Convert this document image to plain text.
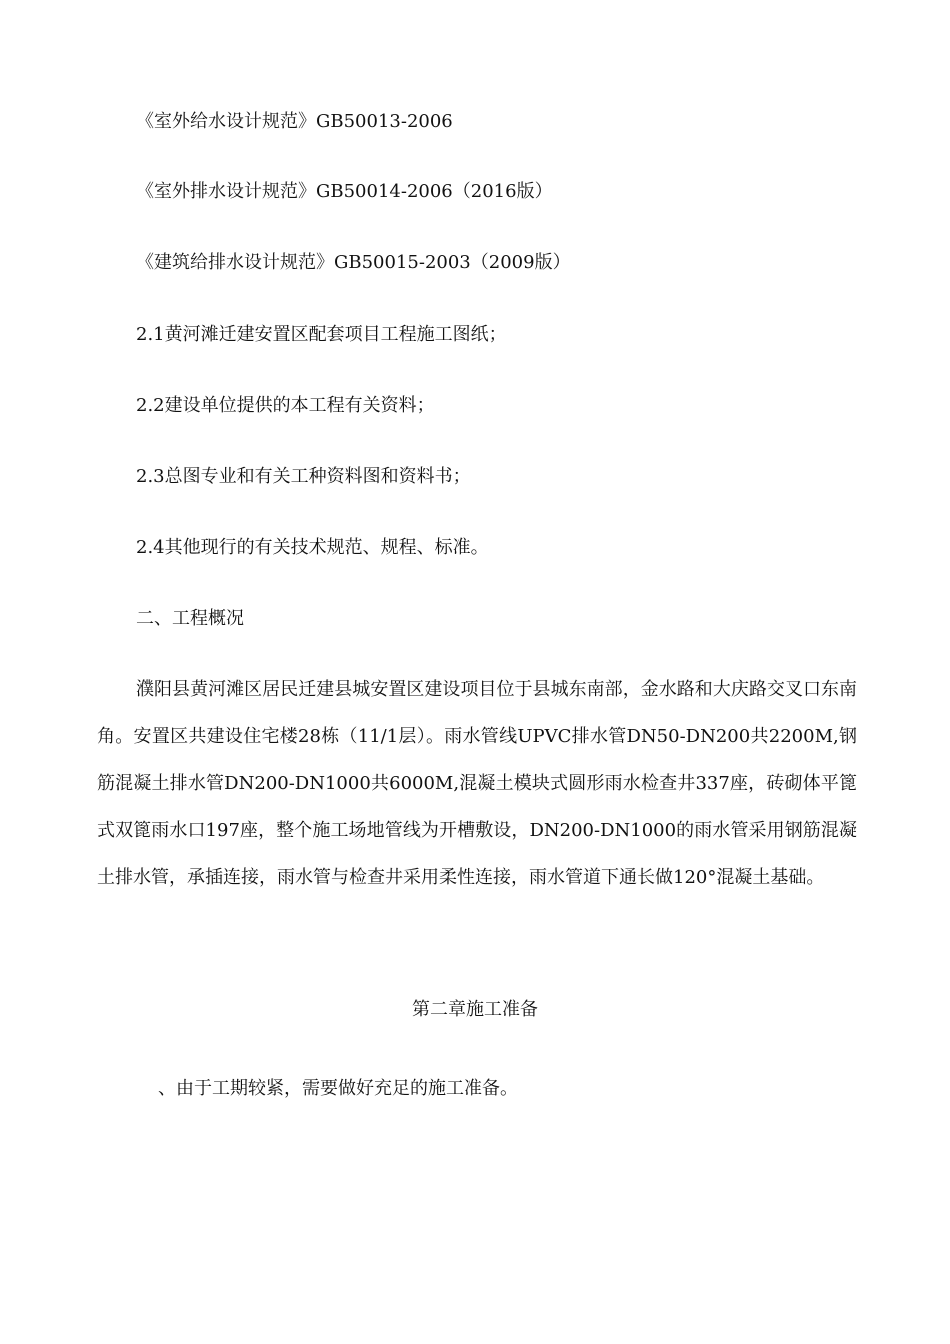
《室外给水设计规范》GB50013-2006
《室外排水设计规范》GB50014-2006（2016版）
《建筑给排水设计规范》GB50015-2003（2009版）
2.1黄河滩迁建安置区配套项目工程施工图纸；
2.2建设单位提供的本工程有关资料；
2.3总图专业和有关工种资料图和资料书；
2.4其他现行的有关技术规范、规程、标准。
二、工程概况
濮阳县黄河滩区居民迁建县城安置区建设项目位于县城东南部，金水路和大庆路交叉口东南角。安置区共建设住宅楼28栋（11/1层）。雨水管线UPVC排水管DN50-DN200共2200M,钢筋混凝土排水管DN200-DN1000共6000M,混凝土模块式圆形雨水检查井337座，砖砌体平篦式双篦雨水口197座，整个施工场地管线为开槽敷设，DN200-DN1000的雨水管采用钢筋混凝土排水管，承插连接，雨水管与检查井采用柔性连接，雨水管道下通长做120°混凝土基础。
第二章施工准备
、由于工期较紧，需要做好充足的施工准备。
